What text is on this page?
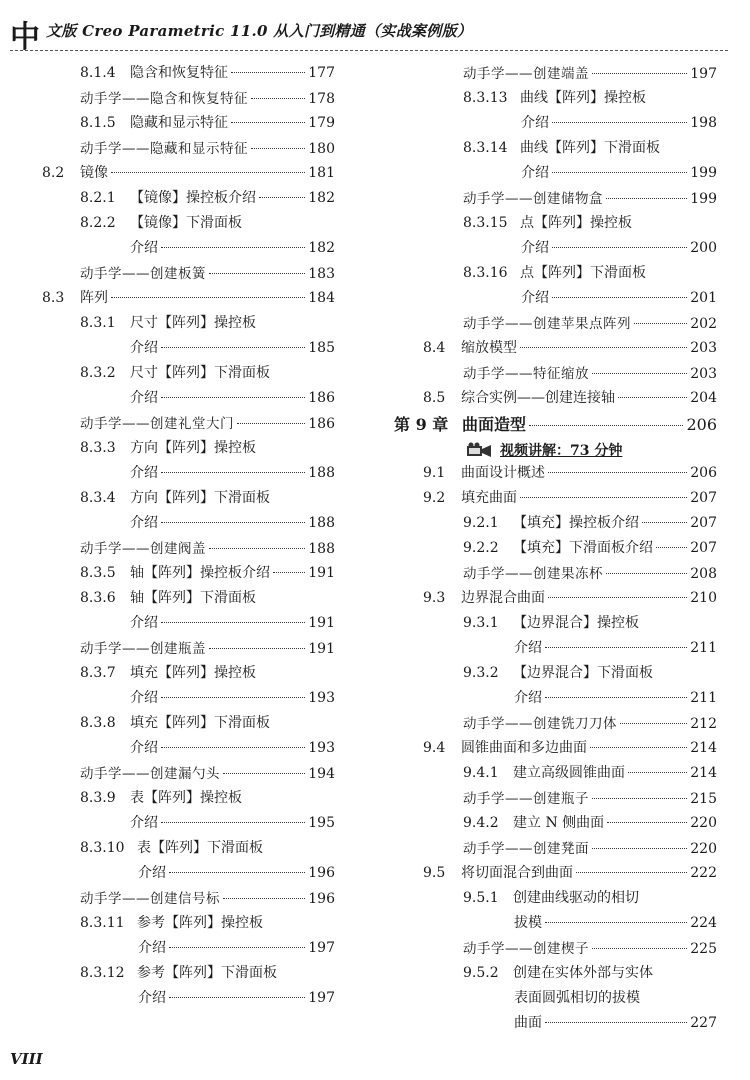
中 文版 Creo Parametric 11.0 从入门到精通（实战案例版）
8.1.4	隐含和恢复特征	177
动手学——隐含和恢复特征	178
8.1.5	隐藏和显示特征	179
动手学——隐藏和显示特征	180
8.2	镜像	181
8.2.1	【镜像】操控板介绍	182
8.2.2	【镜像】下滑面板
介绍	182
动手学——创建板簧	183
8.3	阵列	184
8.3.1	尺寸【阵列】操控板
介绍	185
8.3.2	尺寸【阵列】下滑面板
介绍	186
动手学——创建礼堂大门	186
8.3.3	方向【阵列】操控板
介绍	188
8.3.4	方向【阵列】下滑面板
介绍	188
动手学——创建阀盖	188
8.3.5	轴【阵列】操控板介绍	191
8.3.6	轴【阵列】下滑面板
介绍	191
动手学——创建瓶盖	191
8.3.7	填充【阵列】操控板
介绍	193
8.3.8	填充【阵列】下滑面板
介绍	193
动手学——创建漏勺头	194
8.3.9	表【阵列】操控板
介绍	195
8.3.10 表【阵列】下滑面板
介绍	196
动手学——创建信号标	196
8.3.11 参考【阵列】操控板
介绍	197
8.3.12 参考【阵列】下滑面板
介绍	197
动手学——创建端盖	197
8.3.13 曲线【阵列】操控板
介绍	198
8.3.14 曲线【阵列】下滑面板
介绍	199
动手学——创建储物盒	199
8.3.15 点【阵列】操控板
介绍	200
8.3.16 点【阵列】下滑面板
介绍	201
动手学——创建苹果点阵列	202
8.4	缩放模型	203
动手学——特征缩放	203
8.5	综合实例——创建连接轴	204
第 9 章 曲面造型	206
视频讲解：73 分钟
9.1	曲面设计概述	206
9.2	填充曲面	207
9.2.1	【填充】操控板介绍	207
9.2.2	【填充】下滑面板介绍	207
动手学——创建果冻杯	208
9.3	边界混合曲面	210
9.3.1	【边界混合】操控板
介绍	211
9.3.2	【边界混合】下滑面板
介绍	211
动手学——创建铣刀刀体	212
9.4	圆锥曲面和多边曲面	214
9.4.1	建立高级圆锥曲面	214
动手学——创建瓶子	215
9.4.2	建立 N 侧曲面	220
动手学——创建凳面	220
9.5	将切面混合到曲面	222
9.5.1	创建曲线驱动的相切
拔模	224
动手学——创建楔子	225
9.5.2	创建在实体外部与实体
表面圆弧相切的拔模
曲面	227
VIII
